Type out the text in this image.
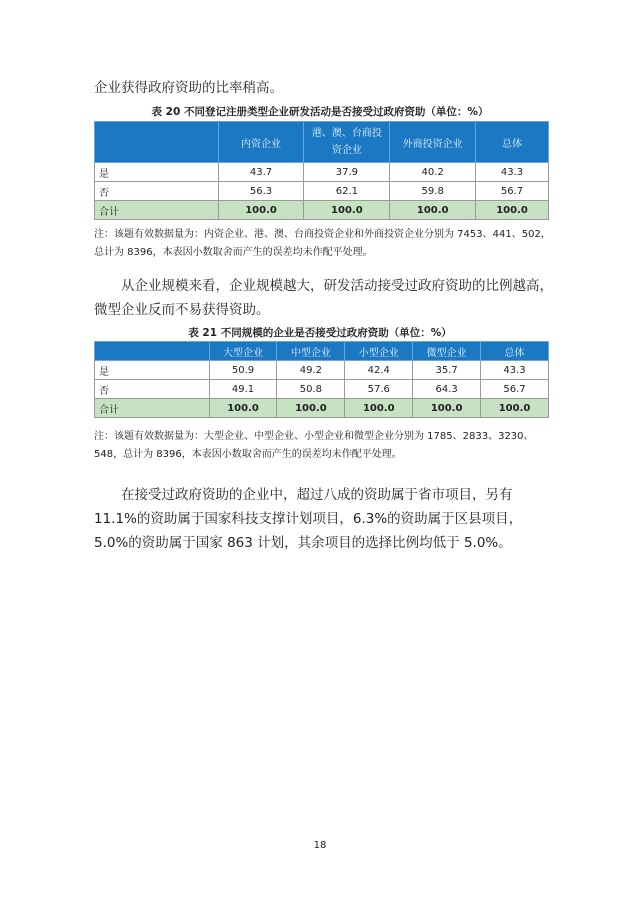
企业获得政府资助的比率稍高。
表 20 不同登记注册类型企业研发活动是否接受过政府资助（单位：%）
	内资企业	港、澳、台商投资企业	外商投资企业	总体
是	43.7	37.9	40.2	43.3
否	56.3	62.1	59.8	56.7
合计	100.0	100.0	100.0	100.0
注：该题有效数据量为：内资企业、港、澳、台商投资企业和外商投资企业分别为 7453、441、502，总计为 8396，本表因小数取舍而产生的误差均未作配平处理。
从企业规模来看，企业规模越大，研发活动接受过政府资助的比例越高，微型企业反而不易获得资助。
表 21 不同规模的企业是否接受过政府资助（单位：%）
	大型企业	中型企业	小型企业	微型企业	总体
是	50.9	49.2	42.4	35.7	43.3
否	49.1	50.8	57.6	64.3	56.7
合计	100.0	100.0	100.0	100.0	100.0
注：该题有效数据量为：大型企业、中型企业、小型企业和微型企业分别为 1785、2833、3230、548，总计为 8396，本表因小数取舍而产生的误差均未作配平处理。
在接受过政府资助的企业中，超过八成的资助属于省市项目，另有 11.1%的资助属于国家科技支撑计划项目，6.3%的资助属于区县项目，5.0%的资助属于国家 863 计划，其余项目的选择比例均低于 5.0%。
18
